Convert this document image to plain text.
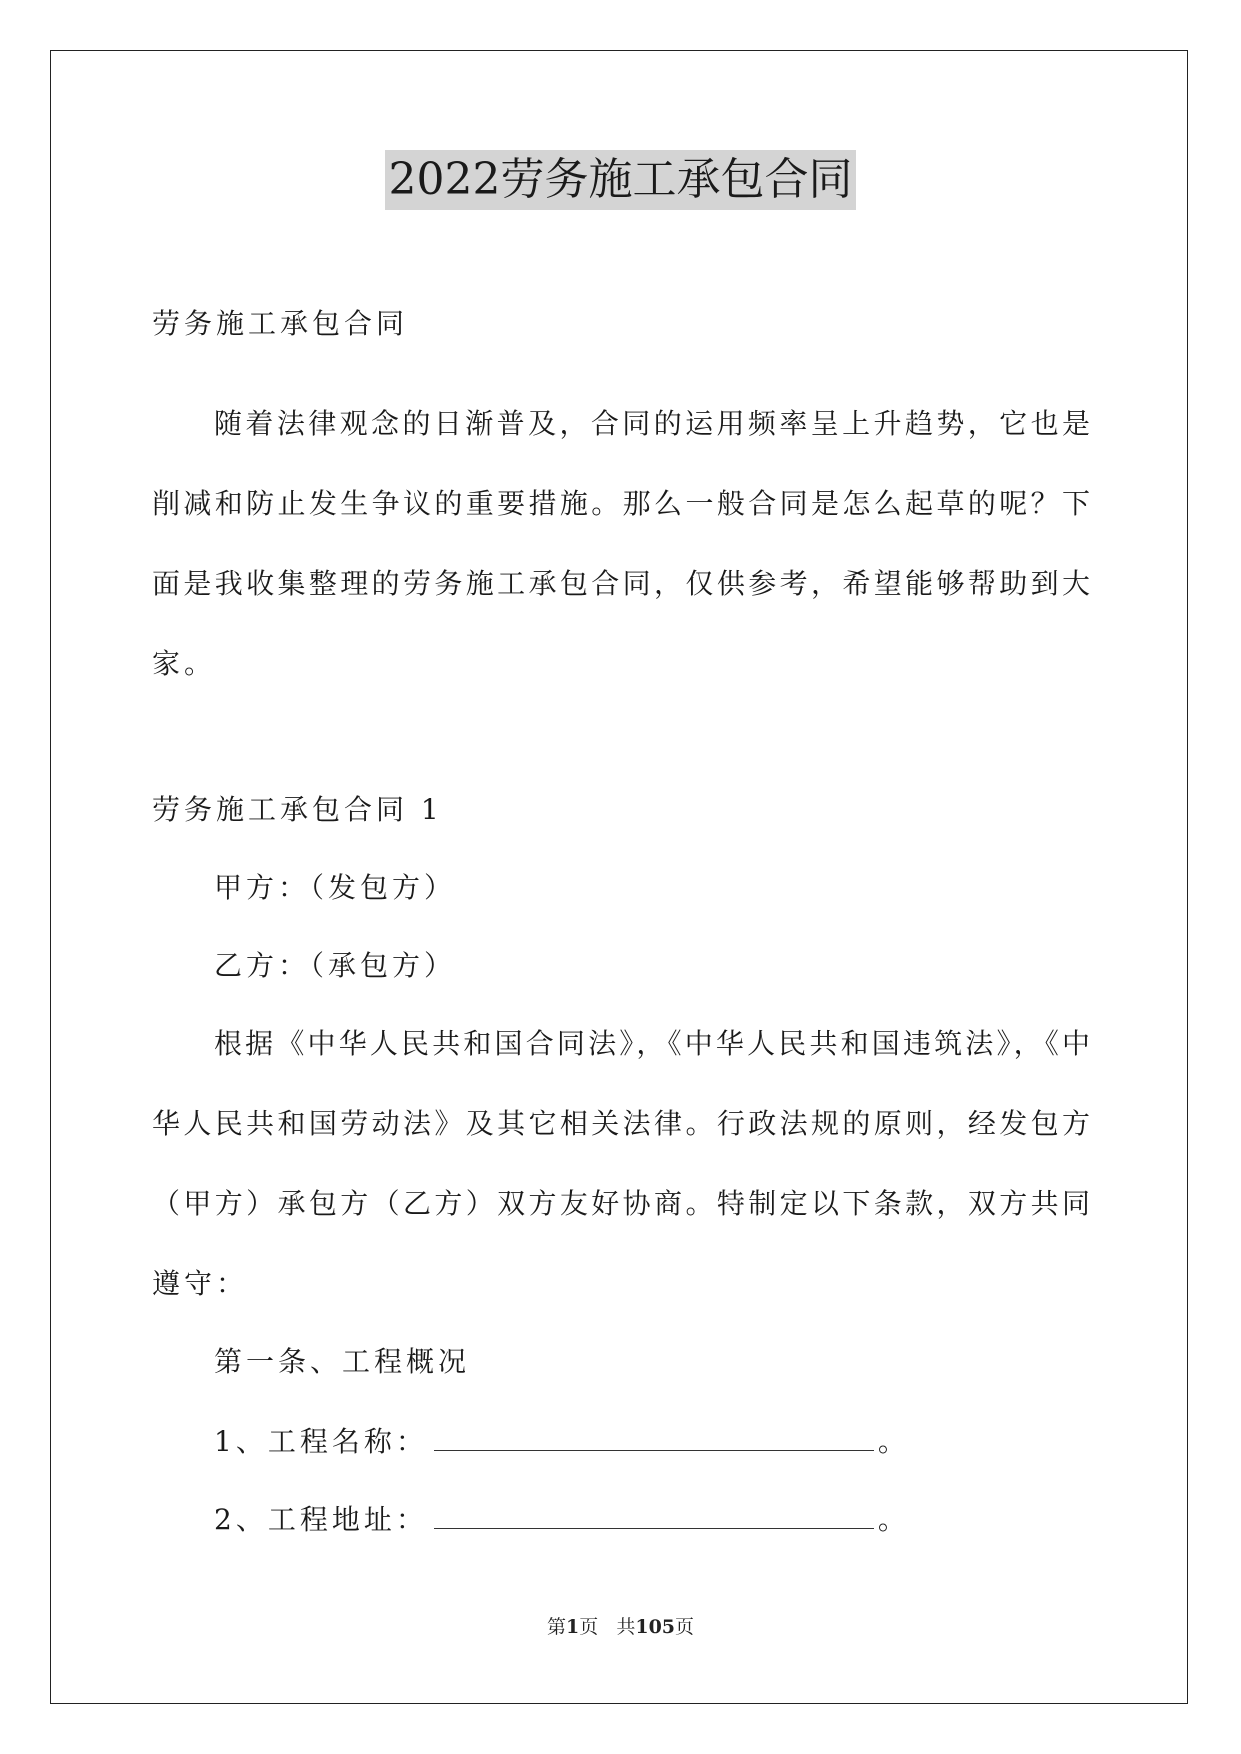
2022劳务施工承包合同
劳务施工承包合同
随着法律观念的日渐普及，合同的运用频率呈上升趋势，它也是
削减和防止发生争议的重要措施。那么一般合同是怎么起草的呢？下
面是我收集整理的劳务施工承包合同，仅供参考，希望能够帮助到大
家。
劳务施工承包合同 1
甲方：（发包方）
乙方：（承包方）
根据《中华人民共和国合同法》，《中华人民共和国违筑法》，《中
华人民共和国劳动法》及其它相关法律。行政法规的原则，经发包方
（甲方）承包方（乙方）双方友好协商。特制定以下条款，双方共同
遵守：
第一条、工程概况
1、工程名称：	。
2、工程地址：	。
第1页 共105页
